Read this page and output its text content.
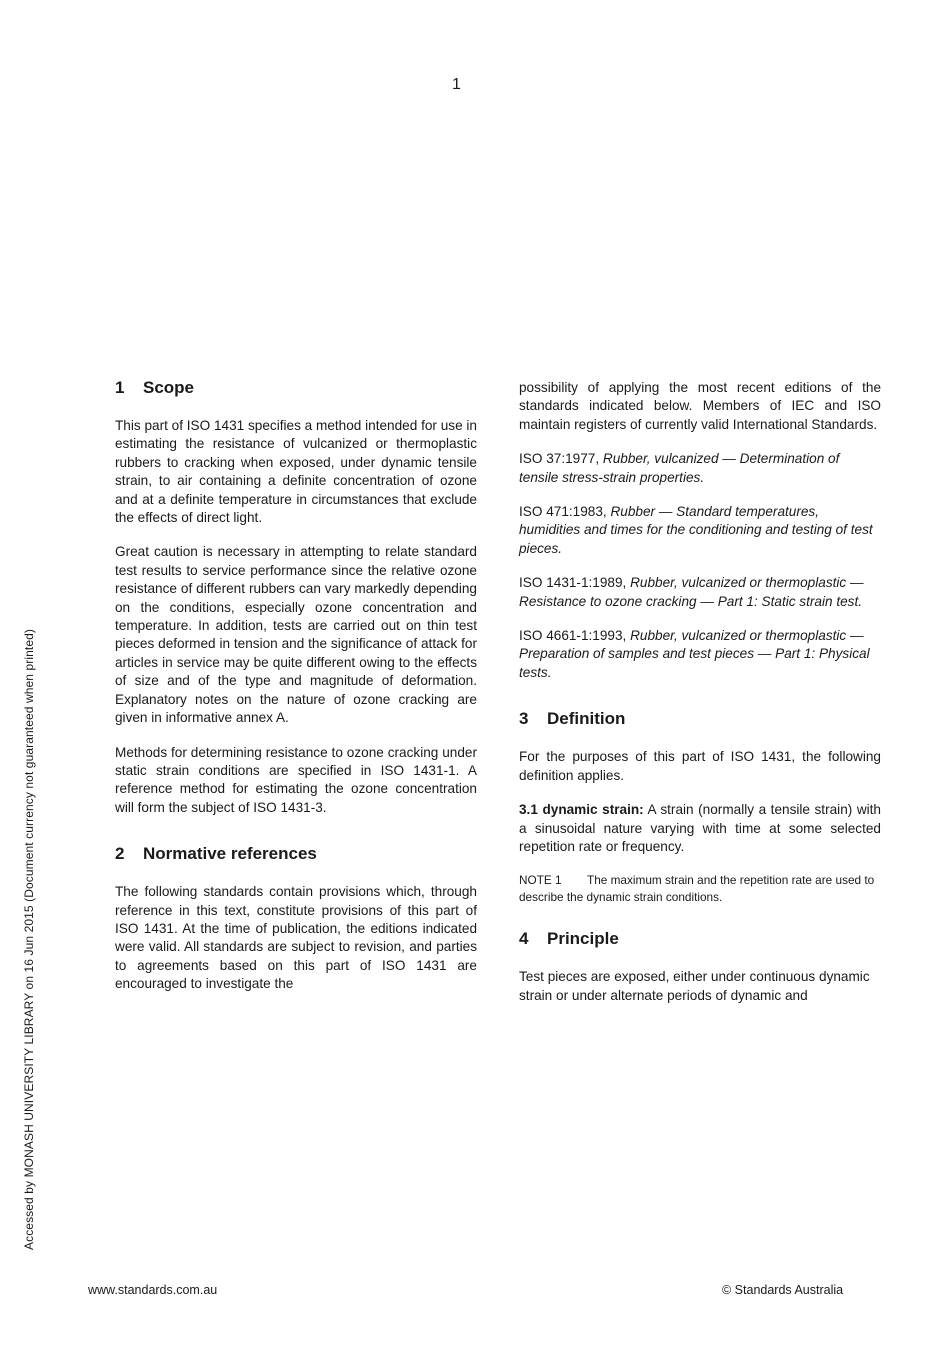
1
Accessed by MONASH UNIVERSITY LIBRARY on 16 Jun 2015 (Document currency not guaranteed when printed)
1 Scope

This part of ISO 1431 specifies a method intended for use in estimating the resistance of vulcanized or thermoplastic rubbers to cracking when exposed, under dynamic tensile strain, to air containing a definite concentration of ozone and at a definite temperature in circumstances that exclude the effects of direct light.

Great caution is necessary in attempting to relate standard test results to service performance since the relative ozone resistance of different rubbers can vary markedly depending on the conditions, especially ozone concentration and temperature. In addition, tests are carried out on thin test pieces deformed in tension and the significance of attack for articles in service may be quite different owing to the effects of size and of the type and magnitude of deformation. Explanatory notes on the nature of ozone cracking are given in informative annex A.

Methods for determining resistance to ozone cracking under static strain conditions are specified in ISO 1431-1. A reference method for estimating the ozone concentration will form the subject of ISO 1431-3.

2 Normative references

The following standards contain provisions which, through reference in this text, constitute provisions of this part of ISO 1431. At the time of publication, the editions indicated were valid. All standards are subject to revision, and parties to agreements based on this part of ISO 1431 are encouraged to investigate the

possibility of applying the most recent editions of the standards indicated below. Members of IEC and ISO maintain registers of currently valid International Standards.

ISO 37:1977, Rubber, vulcanized — Determination of tensile stress-strain properties.
ISO 471:1983, Rubber — Standard temperatures, humidities and times for the conditioning and testing of test pieces.
ISO 1431-1:1989, Rubber, vulcanized or thermoplastic — Resistance to ozone cracking — Part 1: Static strain test.
ISO 4661-1:1993, Rubber, vulcanized or thermoplastic — Preparation of samples and test pieces — Part 1: Physical tests.
3 Definition

For the purposes of this part of ISO 1431, the following definition applies.

3.1 dynamic strain: A strain (normally a tensile strain) with a sinusoidal nature varying with time at some selected repetition rate or frequency.

NOTE 1 The maximum strain and the repetition rate are used to describe the dynamic strain conditions.
4 Principle

Test pieces are exposed, either under continuous dynamic strain or under alternate periods of dynamic and

www.standards.com.au	© Standards Australia
